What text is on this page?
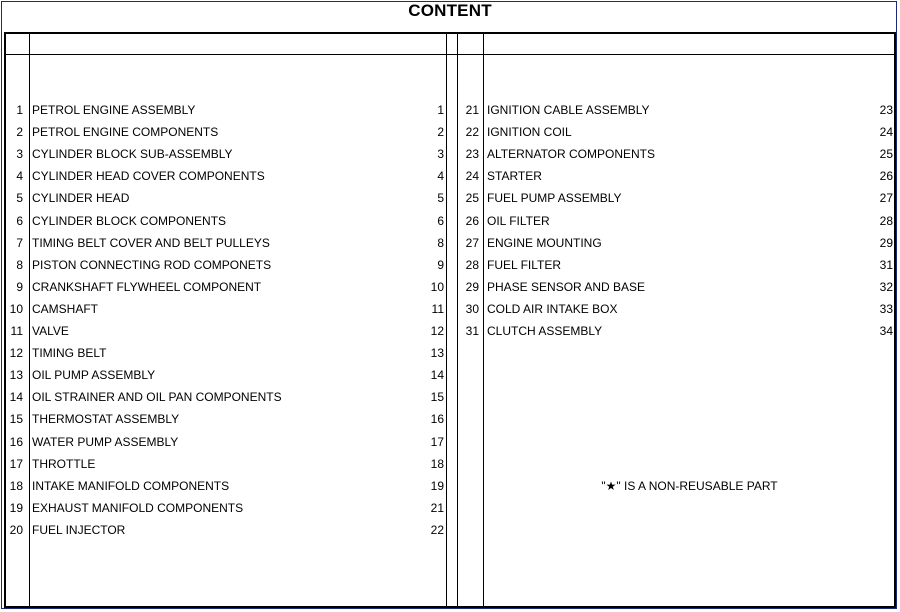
CONTENT
1 PETROL ENGINE ASSEMBLY	1
2 PETROL ENGINE COMPONENTS	2
3 CYLINDER BLOCK SUB-ASSEMBLY	3
4 CYLINDER HEAD COVER COMPONENTS	4
5 CYLINDER HEAD	5
6 CYLINDER BLOCK COMPONENTS	6
7 TIMING BELT COVER AND BELT PULLEYS	8
8 PISTON CONNECTING ROD COMPONETS	9
9 CRANKSHAFT FLYWHEEL COMPONENT	10
10 CAMSHAFT	11
11 VALVE	12
12 TIMING BELT	13
13 OIL PUMP ASSEMBLY	14
14 OIL STRAINER AND OIL PAN COMPONENTS	15
15 THERMOSTAT ASSEMBLY	16
16 WATER PUMP ASSEMBLY	17
17 THROTTLE	18
18 INTAKE MANIFOLD COMPONENTS	19
19 EXHAUST MANIFOLD COMPONENTS	21
20 FUEL INJECTOR	22
21 IGNITION CABLE ASSEMBLY	23
22 IGNITION COIL	24
23 ALTERNATOR COMPONENTS	25
24 STARTER	26
25 FUEL PUMP ASSEMBLY	27
26 OIL FILTER	28
27 ENGINE MOUNTING	29
28 FUEL FILTER	31
29 PHASE SENSOR AND BASE	32
30 COLD AIR INTAKE BOX	33
31 CLUTCH ASSEMBLY	34
"★" IS A NON-REUSABLE PART
